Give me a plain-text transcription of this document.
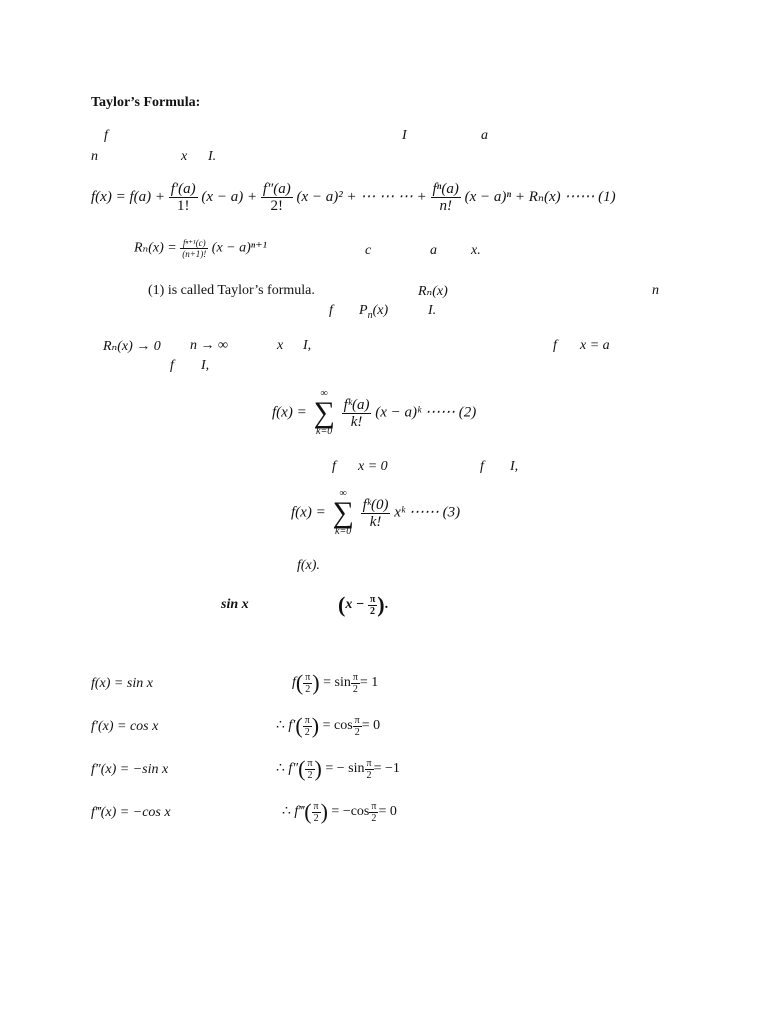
Taylor’s Formula:
f	I	a
n	x I.
$f(x) = f(a) + \frac{f'(a)}{1!} (x - a) + \frac{f''(a)}{2!} (x - a)^2$ + ⋯ ⋯ ⋯ + $\frac{\text{fⁿ(a)}}{n!} (x - a)^n + R_n(x)$ ⋯⋯ (1)
$R_n(x) = \frac{\text{fⁿ⁺¹(c)}}{(n+1)!} (x - a)^{n+1}$	c	a x.
(1) is called Taylor’s formula.	Rₙ(x)	n
f $P_n(x)$	I.
Rₙ(x) → 0 n → ∞	x I,	f x = a
f I,
f(x) =
∞
∑
k=0

$\frac{\text{fᵏ(a)}}{k!} (x$ − a)ᵏ ⋯⋯ (2)
f x = 0	f I,
f(x) =
∞
∑
k=0

$\frac{\text{fᵏ(0)}}{k!}$ xᵏ ⋯⋯ (3)
f(x).
sin x	($x - \frac{\pi}{2}$ ).
f(x) = sin x	$f( \frac{\pi}{2}$ ) = $\sin \frac{\pi}{2} = 1$
f′(x) = cos x	∴ $f'( \frac{\pi}{2}$ ) = $\cos \frac{\pi}{2} = 0$
f″(x) = −sin x	∴ $f''( \frac{\pi}{2}$ ) = − $\sin \frac{\pi}{2} = -1$
f‴(x) = −cos x	∴ f‴( $\frac{\pi}{2}$ ) = $-\cos \frac{\pi}{2} = 0$
